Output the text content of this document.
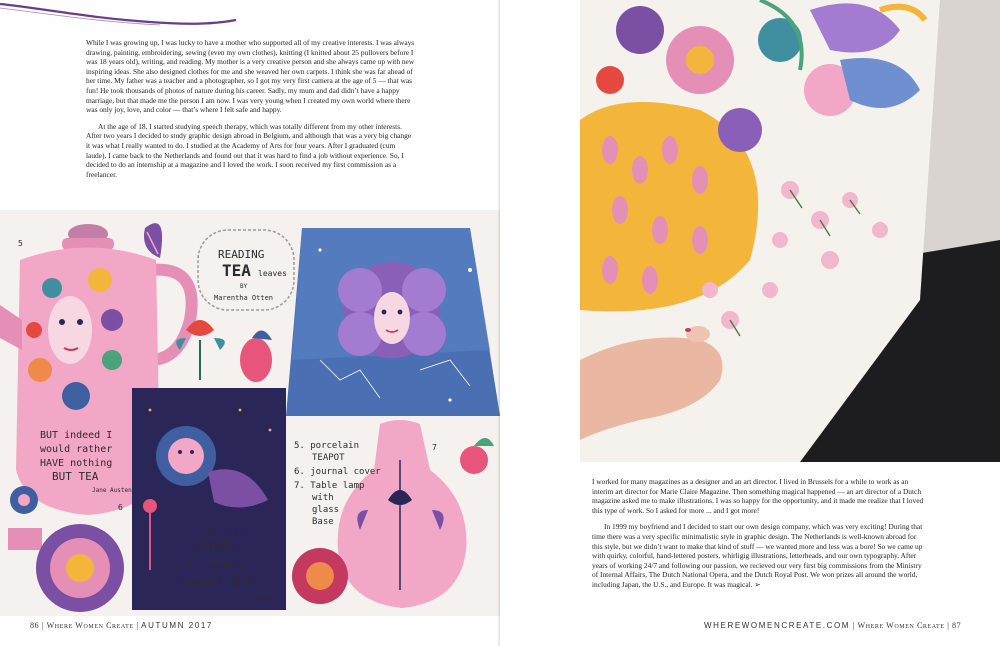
While I was growing up, I was lucky to have a mother who supported all of my creative interests. I was always drawing, painting, embroidering, sewing (even my own clothes), knitting (I knitted about 25 pullovers before I was 18 years old), writing, and reading. My mother is a very creative person and she always came up with new inspiring ideas. She also designed clothes for me and she weaved her own carpets. I think she was far ahead of her time. My father was a teacher and a photographer, so I got my very first camera at the age of 5 — that was fun! He took thousands of photos of nature during his career. Sadly, my mum and dad didn’t have a happy marriage, but that made me the person I am now. I was very young when I created my own world where there was only joy, love, and color — that’s where I felt safe and happy.

At the age of 18, I started studying speech therapy, which was totally different from my other interests. After two years I decided to study graphic design abroad in Belgium, and although that was a very big change it was what I really wanted to do. I studied at the Academy of Arts for four years. After I graduated (cum laude), I came back to the Netherlands and found out that it was hard to find a job without experience. So, I decided to do an internship at a magazine and I loved the work. I soon received my first commission as a freelancer.

BUT indeed I
would rather
HAVE nothing
BUT TEA
Jane Austen
5
READING
TEA leaves
BY
Marentha Otten
7
This is
LOVE:
fly toward a
secret SKY
Rumi
5. porcelain
TEAPOT
6. journal cover
7. Table lamp
with
glass
Base
6
86 | Where Women Create | AUTUMN 2017

I worked for many magazines as a designer and an art director. I lived in Brussels for a while to work as an interim art director for Marie Claire Magazine. Then something magical happened — an art director of a Dutch magazine asked me to make illustrations. I was so happy for the opportunity, and it made me realize that I loved this type of work. So I asked for more ... and I got more!

In 1999 my boyfriend and I decided to start our own design company, which was very exciting! During that time there was a very specific minimalistic style in graphic design. The Netherlands is well-known abroad for this style, but we didn’t want to make that kind of stuff — we wanted more and less was a bore! So we came up with quirky, colorful, hand-lettered posters, whirligig illustrations, letterheads, and our own typography. After years of working 24/7 and following our passion, we recieved our very first big commissions from the Ministry of Internal Affairs, The Dutch National Opera, and the Dutch Royal Post. We won prizes all around the world, including Japan, the U.S., and Europe. It was magical. ➢

WHEREWOMENCREATE.COM | Where Women Create | 87
